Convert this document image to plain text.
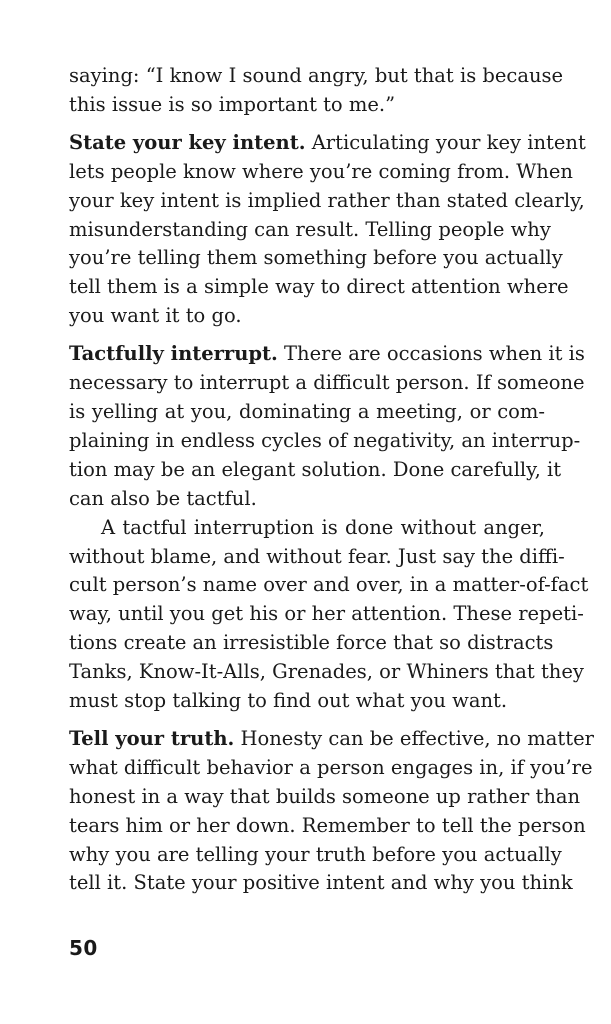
saying: “I know I sound angry, but that is because
this issue is so important to me.”

State your key intent. Articulating your key intent
lets people know where you’re coming from. When
your key intent is implied rather than stated clearly,
misunderstanding can result. Telling people why
you’re telling them something before you actually
tell them is a simple way to direct attention where
you want it to go.

Tactfully interrupt. There are occasions when it is
necessary to interrupt a difficult person. If someone
is yelling at you, dominating a meeting, or com-
plaining in endless cycles of negativity, an interrup-
tion may be an elegant solution. Done carefully, it
can also be tactful.

A tactful interruption is done without anger,
without blame, and without fear. Just say the diffi-
cult person’s name over and over, in a matter-of-fact
way, until you get his or her attention. These repeti-
tions create an irresistible force that so distracts
Tanks, Know-It-Alls, Grenades, or Whiners that they
must stop talking to find out what you want.

Tell your truth. Honesty can be effective, no matter
what difficult behavior a person engages in, if you’re
honest in a way that builds someone up rather than
tears him or her down. Remember to tell the person
why you are telling your truth before you actually
tell it. State your positive intent and why you think

50
